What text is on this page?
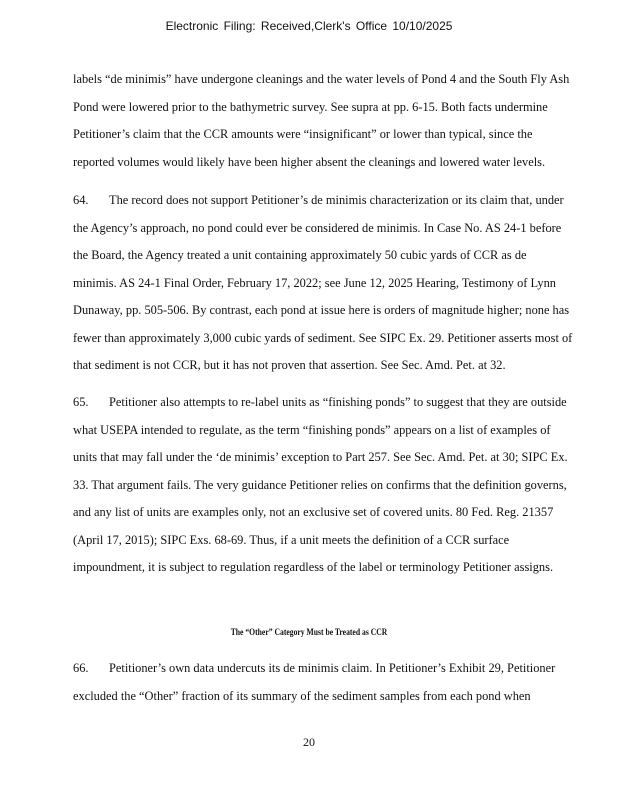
Electronic Filing: Received,Clerk's Office 10/10/2025

labels “de minimis” have undergone cleanings and the water levels of Pond 4 and the South Fly Ash Pond were lowered prior to the bathymetric survey. See supra at pp. 6-15. Both facts undermine Petitioner’s claim that the CCR amounts were “insignificant” or lower than typical, since the reported volumes would likely have been higher absent the cleanings and lowered water levels.

64. The record does not support Petitioner’s de minimis characterization or its claim that, under the Agency’s approach, no pond could ever be considered de minimis. In Case No. AS 24-1 before the Board, the Agency treated a unit containing approximately 50 cubic yards of CCR as de minimis. AS 24-1 Final Order, February 17, 2022; see June 12, 2025 Hearing, Testimony of Lynn Dunaway, pp. 505-506. By contrast, each pond at issue here is orders of magnitude higher; none has fewer than approximately 3,000 cubic yards of sediment. See SIPC Ex. 29. Petitioner asserts most of that sediment is not CCR, but it has not proven that assertion. See Sec. Amd. Pet. at 32.

65. Petitioner also attempts to re-label units as “finishing ponds” to suggest that they are outside what USEPA intended to regulate, as the term “finishing ponds” appears on a list of examples of units that may fall under the ‘de minimis’ exception to Part 257. See Sec. Amd. Pet. at 30; SIPC Ex. 33. That argument fails. The very guidance Petitioner relies on confirms that the definition governs, and any list of units are examples only, not an exclusive set of covered units. 80 Fed. Reg. 21357 (April 17, 2015); SIPC Exs. 68-69. Thus, if a unit meets the definition of a CCR surface impoundment, it is subject to regulation regardless of the label or terminology Petitioner assigns.

The “Other” Category Must be Treated as CCR

66. Petitioner’s own data undercuts its de minimis claim. In Petitioner’s Exhibit 29, Petitioner excluded the “Other” fraction of its summary of the sediment samples from each pond when

20
